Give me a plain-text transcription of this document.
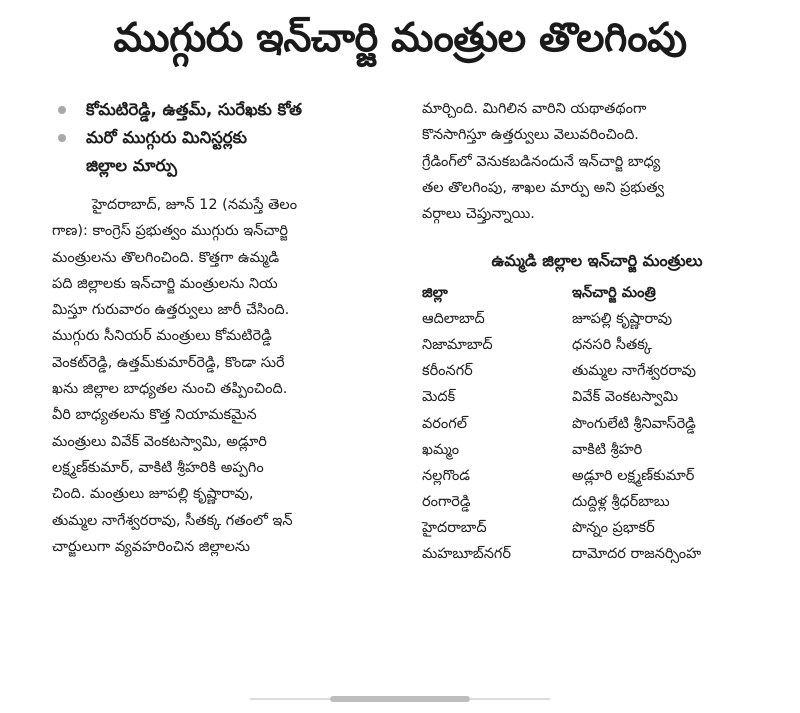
ముగ్గురు ఇన్‌చార్జి మంత్రుల తొలగింపు
కోమటిరెడ్డి, ఉత్తమ్, సురేఖకు కోత
మరో ముగ్గురు మినిస్టర్లకు
జిల్లాల మార్పు
హైదరాబాద్, జూన్ 12 (నమస్తే తెలం
గాణ): కాంగ్రెస్ ప్రభుత్వం ముగ్గురు ఇన్‌చార్జి
మంత్రులను తొలగించింది. కొత్తగా ఉమ్మడి
పది జిల్లాలకు ఇన్‌చార్జి మంత్రులను నియ
మిస్తూ గురువారం ఉత్తర్వులు జారీ చేసింది.
ముగ్గురు సీనియర్ మంత్రులు కోమటిరెడ్డి
వెంకట్‌రెడ్డి, ఉత్తమ్‌కుమార్‌రెడ్డి, కొండా సురే
ఖను జిల్లాల బాధ్యతల నుంచి తప్పించింది.
వీరి బాధ్యతలను కొత్త నియామకమైన
మంత్రులు వివేక్ వెంకటస్వామి, అడ్లూరి
లక్ష్మణ్‌కుమార్, వాకిటి శ్రీహరికి అప్పగిం
చింది. మంత్రులు జూపల్లి కృష్ణారావు,
తుమ్మల నాగేశ్వరరావు, సీతక్క గతంలో ఇన్
చార్జులుగా వ్యవహరించిన జిల్లాలను
మార్చింది. మిగిలిన వారిని యథాతథంగా
కొనసాగిస్తూ ఉత్తర్వులు వెలువరించింది.
గ్రేడింగ్‌లో వెనుకబడినందునే ఇన్‌చార్జి బాధ్య
తల తొలగింపు, శాఖల మార్పు అని ప్రభుత్వ
వర్గాలు చెప్తున్నాయి.
ఉమ్మడి జిల్లాల ఇన్‌చార్జి మంత్రులు
జిల్లా	ఇన్‌చార్జి మంత్రి
ఆదిలాబాద్	జూపల్లి కృష్ణారావు
నిజామాబాద్	ధనసరి సీతక్క
కరీంనగర్	తుమ్మల నాగేశ్వరరావు
మెదక్	వివేక్ వెంకటస్వామి
వరంగల్	పొంగులేటి శ్రీనివాస్‌రెడ్డి
ఖమ్మం	వాకిటి శ్రీహరి
నల్లగొండ	అడ్లూరి లక్ష్మణ్‌కుమార్
రంగారెడ్డి	దుద్దిళ్ల శ్రీధర్‌బాబు
హైదరాబాద్	పొన్నం ప్రభాకర్
మహబూబ్‌నగర్	దామోదర రాజనర్సింహ
